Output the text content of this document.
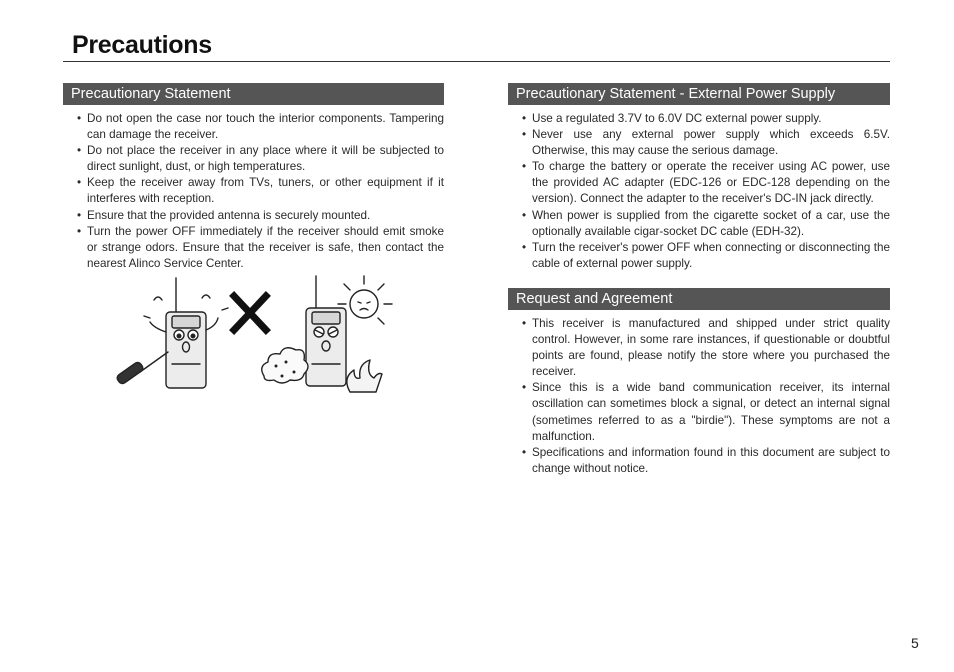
Precautions
Precautionary Statement
• Do not open the case nor touch the interior components. Tampering can damage the receiver.
• Do not place the receiver in any place where it will be subjected to direct sunlight, dust, or high temperatures.
• Keep the receiver away from TVs, tuners, or other equipment if it interferes with reception.
• Ensure that the provided antenna is securely mounted.
• Turn the power OFF immediately if the receiver should emit smoke or strange odors. Ensure that the receiver is safe, then contact the nearest Alinco Service Center.
Precautionary Statement - External Power Supply
• Use a regulated 3.7V to 6.0V DC external power supply.
• Never use any external power supply which exceeds 6.5V. Otherwise, this may cause the serious damage.
• To charge the battery or operate the receiver using AC power, use the provided AC adapter (EDC-126 or EDC-128 depending on the version). Connect the adapter to the receiver's DC-IN jack directly.
• When power is supplied from the cigarette socket of a car, use the optionally available cigar-socket DC cable (EDH-32).
• Turn the receiver's power OFF when connecting or disconnecting the cable of external power supply.
Request and Agreement
• This receiver is manufactured and shipped under strict quality control. However, in some rare instances, if questionable or doubtful points are found, please notify the store where you purchased the receiver.
• Since this is a wide band communication receiver, its internal oscillation can sometimes block a signal, or detect an internal signal (sometimes referred to as a "birdie"). These symptoms are not a malfunction.
• Specifications and information found in this document are subject to change without notice.
5
